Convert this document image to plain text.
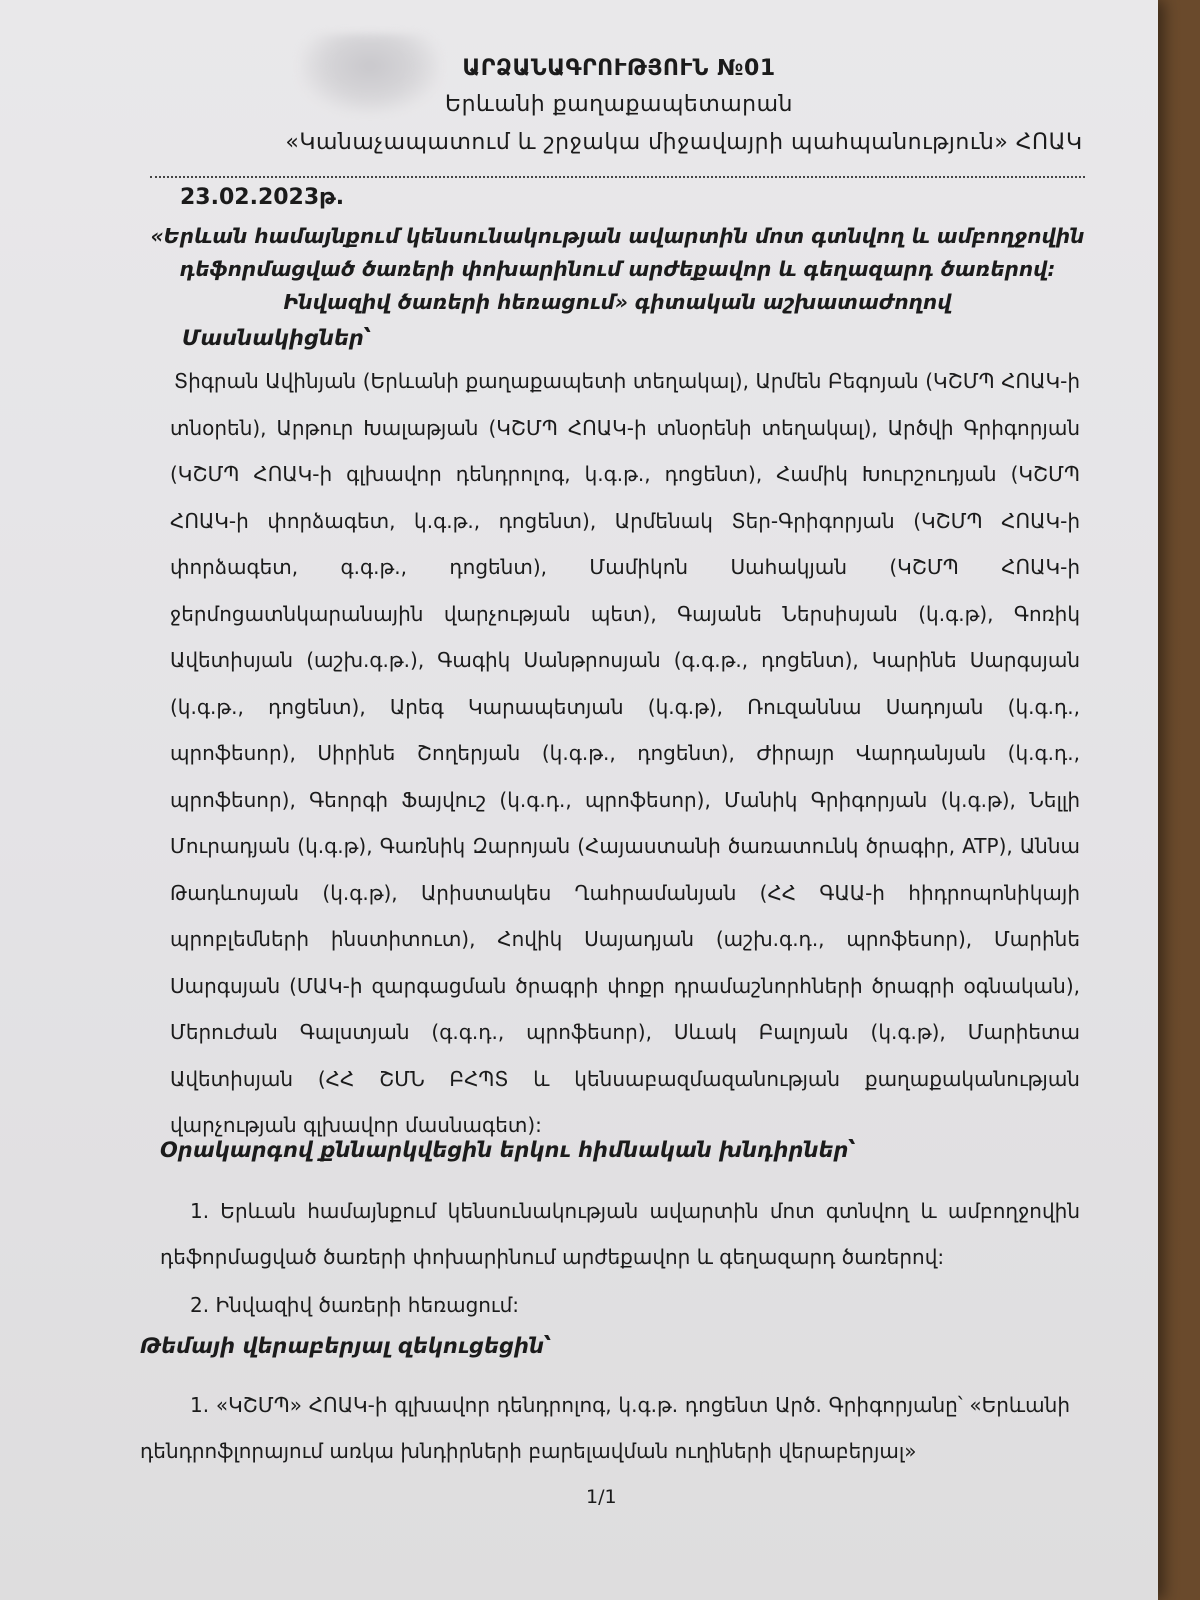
ԱՐՁԱՆԱԳՐՈՒԹՅՈՒՆ №01
Երևանի քաղաքապետարան
«Կանաչապատում և շրջակա միջավայրի պահպանություն» ՀՈԱԿ
23.02.2023թ.
«Երևան համայնքում կենսունակության ավարտին մոտ գտնվող և ամբողջովին դեֆորմացված ծառերի փոխարինում արժեքավոր և գեղազարդ ծառերով: Ինվազիվ ծառերի հեռացում» գիտական աշխատաժողով
Մասնակիցներ՝
Տիգրան Ավինյան (Երևանի քաղաքապետի տեղակալ), Արմեն Բեգոյան (ԿՇՄՊ ՀՈԱԿ-ի տնօրեն), Արթուր Խալաթյան (ԿՇՄՊ ՀՈԱԿ-ի տնօրենի տեղակալ), Արծվի Գրիգորյան (ԿՇՄՊ ՀՈԱԿ-ի գլխավոր դենդրոլոգ, կ.գ.թ., դոցենտ), Համիկ Խուրշուդյան (ԿՇՄՊ ՀՈԱԿ-ի փորձագետ, կ.գ.թ., դոցենտ), Արմենակ Տեր-Գրիգորյան (ԿՇՄՊ ՀՈԱԿ-ի փորձագետ, գ.գ.թ., դոցենտ), Մամիկոն Սահակյան (ԿՇՄՊ ՀՈԱԿ-ի ջերմոցատնկարանային վարչության պետ), Գայանե Ներսիսյան (կ.գ.թ), Գոռիկ Ավետիսյան (աշխ.գ.թ.), Գագիկ Սանթրոսյան (գ.գ.թ., դոցենտ), Կարինե Սարգսյան (կ.գ.թ., դոցենտ), Արեգ Կարապետյան (կ.գ.թ), Ռուզաննա Սադոյան (կ.գ.դ., պրոֆեսոր), Սիրինե Շողերյան (կ.գ.թ., դոցենտ), Ժիրայր Վարդանյան (կ.գ.դ., պրոֆեսոր), Գեորգի Ֆայվուշ (կ.գ.դ., պրոֆեսոր), Մանիկ Գրիգորյան (կ.գ.թ), Նելլի Մուրադյան (կ.գ.թ), Գառնիկ Զարոյան (Հայաստանի ծառատունկ ծրագիր, ATP), Աննա Թադևոսյան (կ.գ.թ), Արիստակես Ղահրամանյան (ՀՀ ԳԱԱ-ի հիդրոպոնիկայի պրոբլեմների ինստիտուտ), Հովիկ Սայադյան (աշխ.գ.դ., պրոֆեսոր), Մարինե Սարգսյան (ՄԱԿ-ի զարգացման ծրագրի փոքր դրամաշնորհների ծրագրի օգնական), Մերուժան Գալստյան (գ.գ.դ., պրոֆեսոր), Սևակ Բալոյան (կ.գ.թ), Մարիետա Ավետիսյան (ՀՀ ՇՄՆ ԲՀՊՏ և կենսաբազմազանության քաղաքականության վարչության գլխավոր մասնագետ):
Օրակարգով քննարկվեցին երկու հիմնական խնդիրներ՝
1. Երևան համայնքում կենսունակության ավարտին մոտ գտնվող և ամբողջովին դեֆորմացված ծառերի փոխարինում արժեքավոր և գեղազարդ ծառերով:
2. Ինվազիվ ծառերի հեռացում:
Թեմայի վերաբերյալ զեկուցեցին՝
1. «ԿՇՄՊ» ՀՈԱԿ-ի գլխավոր դենդրոլոգ, կ.գ.թ. դոցենտ Արծ. Գրիգորյանը՝ «Երևանի դենդրոֆլորայում առկա խնդիրների բարելավման ուղիների վերաբերյալ»
1/1
